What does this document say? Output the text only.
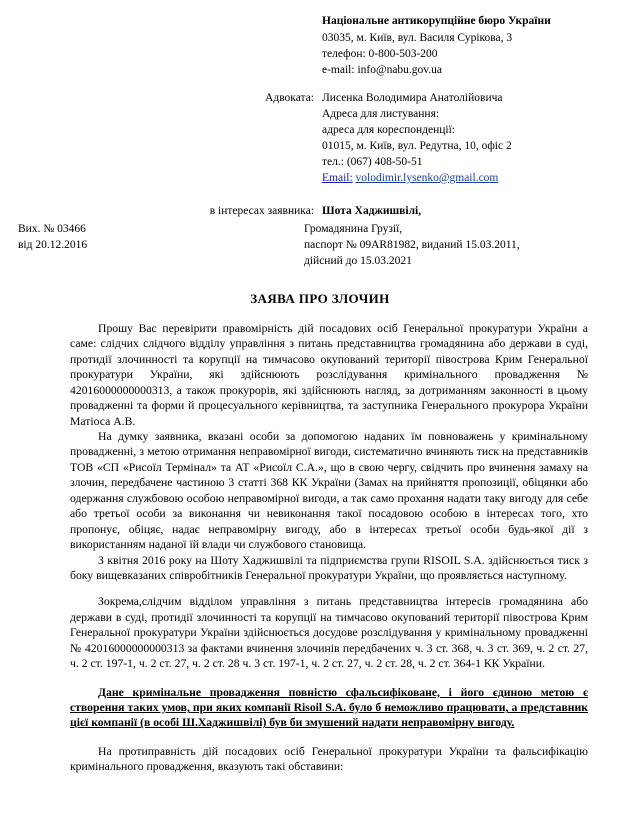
Національне антикорупційне бюро України
03035, м. Київ, вул. Василя Сурікова, 3
телефон: 0-800-503-200
e-mail: info@nabu.gov.ua
Адвоката: Лисенка Володимира Анатолійовича
Адреса для листування:
адреса для кореспонденції:
01015, м. Київ, вул. Редутна, 10, офіс 2
тел.: (067) 408-50-51
Email: volodimir.lysenko@gmail.com
в інтересах заявника: Шота Хаджишвілі,
Вих. № 03466
від 20.12.2016
Громадянина Грузії,
паспорт № 09AR81982, виданий 15.03.2011,
дійсний до 15.03.2021
ЗАЯВА ПРО ЗЛОЧИН

Прошу Вас перевірити правомірність дій посадових осіб Генеральної прокуратури України а саме: слідчих слідчого відділу управління з питань представництва громадянина або держави в суді, протидії злочинності та корупції на тимчасово окупований території півострова Крим Генеральної прокуратури України, які здійснюють розслідування кримінального провадження № 42016000000000313, а також прокурорів, які здійснюють нагляд, за дотриманням законності в цьому провадженні та форми й процесуального керівництва, та заступника Генерального прокурора України Матіоса А.В.

На думку заявника, вказані особи за допомогою наданих їм повноважень у кримінальному провадженні, з метою отримання неправомірної вигоди, систематично вчиняють тиск на представників ТОВ «СП «Рисоїл Термінал» та АТ «Рисоїл С.А.», що в свою чергу, свідчить про вчинення замаху на злочин, передбачене частиною 3 статті 368 КК України (Замах на прийняття пропозиції, обіцянки або одержання службовою особою неправомірної вигоди, а так само прохання надати таку вигоду для себе або третьої особи за виконання чи невиконання такої посадовою особою в інтересах того, хто пропонує, обіцяє, надає неправомірну вигоду, або в інтересах третьої особи будь-якої дії з використанням наданої їй влади чи службового становища.

З квітня 2016 року на Шоту Хаджишвілі та підприємства групи RISOIL S.A. здійснюється тиск з боку вищевказаних співробітників Генеральної прокуратури України, що проявляється наступному.

Зокрема,слідчим відділом управління з питань представництва інтересів громадянина або держави в суді, протидії злочинності та корупції на тимчасово окупований території півострова Крим Генеральної прокуратури України здійснюється досудове розслідування у кримінальному провадженні № 42016000000000313 за фактами вчинення злочинів передбачених ч. 3 ст. 368, ч. 3 ст. 369, ч. 2 ст. 27, ч. 2 ст. 197-1, ч. 2 ст. 27, ч. 2 ст. 28 ч. 3 ст. 197-1, ч. 2 ст. 27, ч. 2 ст. 28, ч. 2 ст. 364-1 КК України.

Дане кримінальне провадження повністю сфальсифіковане, і його єдиною метою є створення таких умов, при яких компанії Risoil S.A. було б неможливо працювати, а представник цієї компанії (в особі Ш.Хаджишвілі) був би змушений надати неправомірну вигоду.

На протиправність дій посадових осіб Генеральної прокуратури України та фальсифікацію кримінального провадження, вказують такі обставини:
